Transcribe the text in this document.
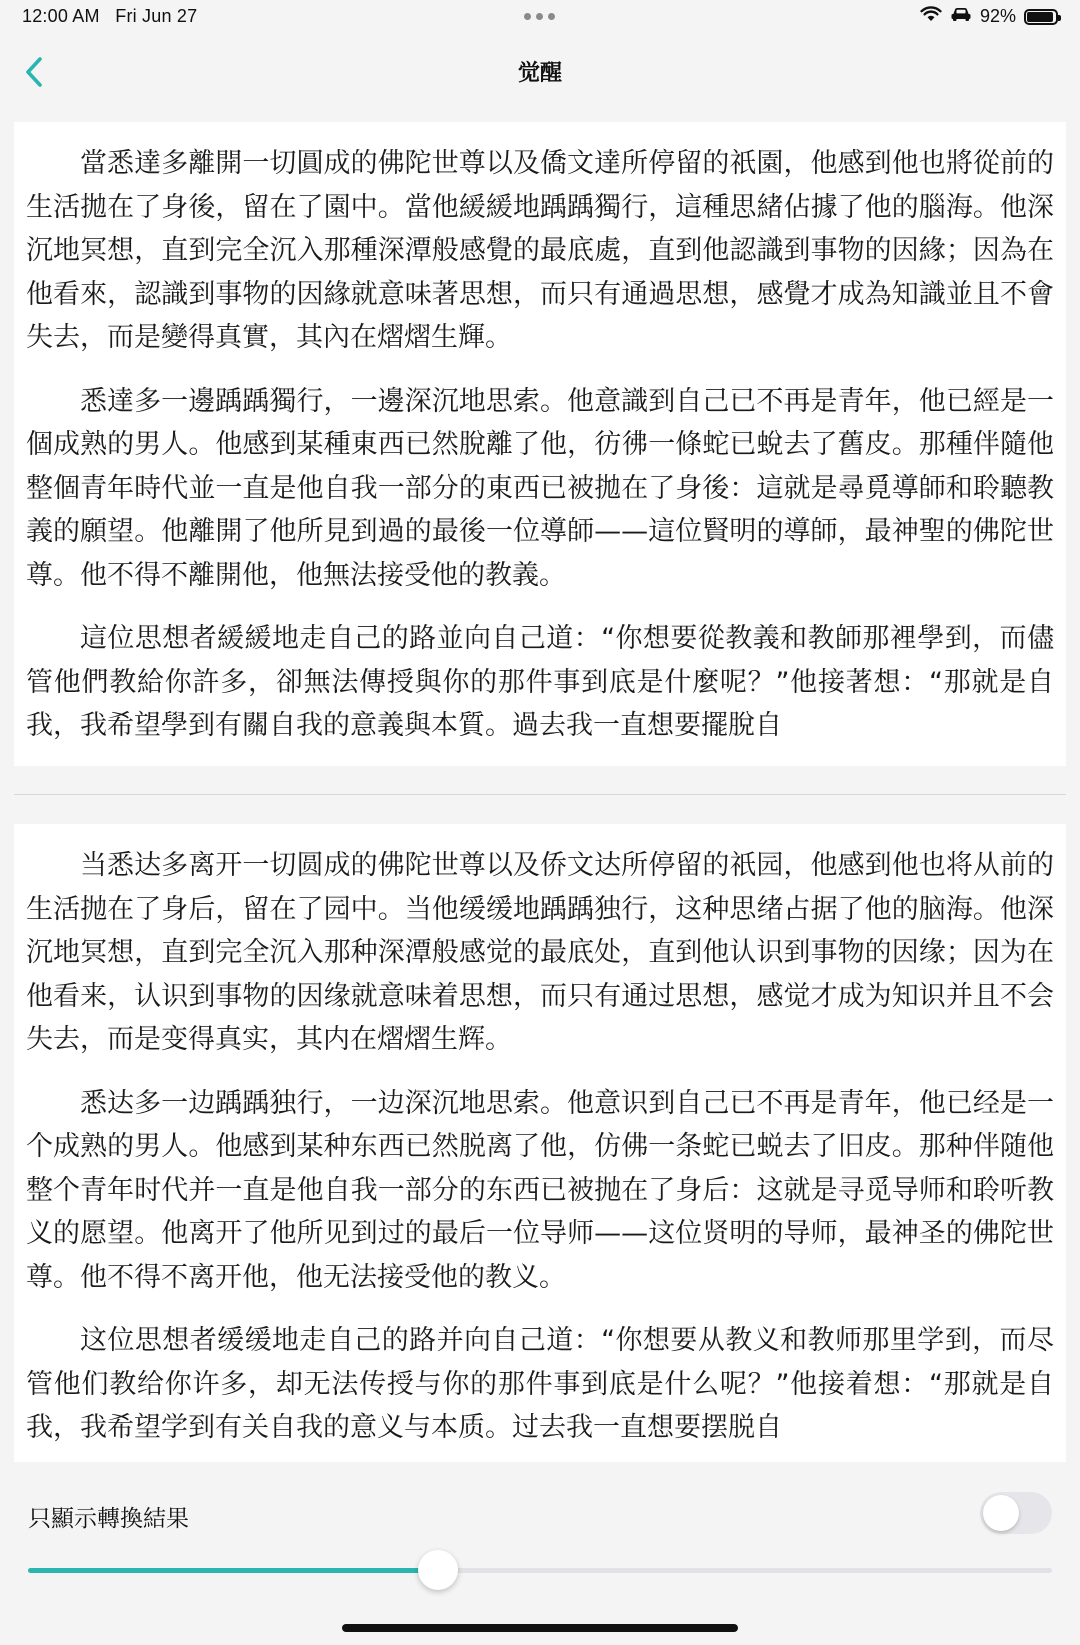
12:00 AM Fri Jun 27	92%
觉醒

當悉達多離開一切圓成的佛陀世尊以及僑文達所停留的祇園，他感到他也將從前的生活拋在了身後，留在了園中。當他緩緩地踽踽獨行，這種思緒佔據了他的腦海。他深沉地冥想，直到完全沉入那種深潭般感覺的最底處，直到他認識到事物的因緣；因為在他看來，認識到事物的因緣就意味著思想，而只有通過思想，感覺才成為知識並且不會失去，而是變得真實，其內在熠熠生輝。

悉達多一邊踽踽獨行，一邊深沉地思索。他意識到自己已不再是青年，他已經是一個成熟的男人。他感到某種東西已然脫離了他，彷彿一條蛇已蛻去了舊皮。那種伴隨他整個青年時代並一直是他自我一部分的東西已被拋在了身後：這就是尋覓導師和聆聽教義的願望。他離開了他所見到過的最後一位導師——這位賢明的導師，最神聖的佛陀世尊。他不得不離開他，他無法接受他的教義。

這位思想者緩緩地走自己的路並向自己道：“你想要從教義和教師那裡學到，而儘管他們教給你許多，卻無法傳授與你的那件事到底是什麼呢？”他接著想：“那就是自我，我希望學到有關自我的意義與本質。過去我一直想要擺脫自

当悉达多离开一切圆成的佛陀世尊以及侨文达所停留的祇园，他感到他也将从前的生活抛在了身后，留在了园中。当他缓缓地踽踽独行，这种思绪占据了他的脑海。他深沉地冥想，直到完全沉入那种深潭般感觉的最底处，直到他认识到事物的因缘；因为在他看来，认识到事物的因缘就意味着思想，而只有通过思想，感觉才成为知识并且不会失去，而是变得真实，其内在熠熠生辉。

悉达多一边踽踽独行，一边深沉地思索。他意识到自己已不再是青年，他已经是一个成熟的男人。他感到某种东西已然脱离了他，仿佛一条蛇已蜕去了旧皮。那种伴随他整个青年时代并一直是他自我一部分的东西已被抛在了身后：这就是寻觅导师和聆听教义的愿望。他离开了他所见到过的最后一位导师——这位贤明的导师，最神圣的佛陀世尊。他不得不离开他，他无法接受他的教义。

这位思想者缓缓地走自己的路并向自己道：“你想要从教义和教师那里学到，而尽管他们教给你许多，却无法传授与你的那件事到底是什么呢？”他接着想：“那就是自我，我希望学到有关自我的意义与本质。过去我一直想要摆脱自

只顯示轉換結果
